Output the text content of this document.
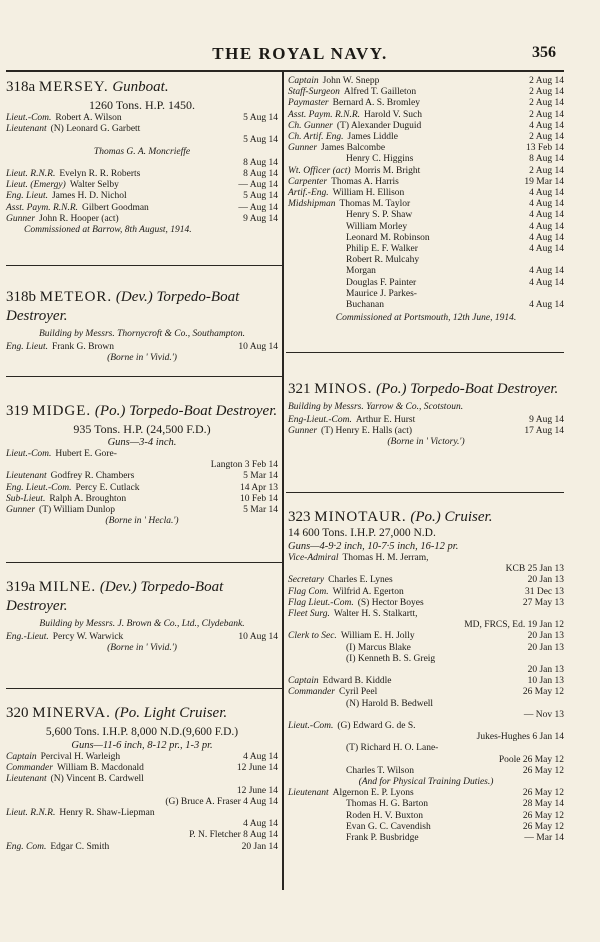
THE ROYAL NAVY.	356
318a MERSEY. Gunboat.
1260 Tons. H.P. 1450.
Lieut.-Com. Robert A. Wilson	5 Aug 14
Lieutenant (N) Leonard G. Garbett
5 Aug 14
Thomas G. A. Moncrieffe
8 Aug 14
Lieut. R.N.R. Evelyn R. R. Roberts	8 Aug 14
Lieut. (Emergy) Walter Selby	— Aug 14
Eng. Lieut. James H. D. Nichol	5 Aug 14
Asst. Paym. R.N.R. Gilbert Goodman	— Aug 14
Gunner John R. Hooper (act)	9 Aug 14
Commissioned at Barrow, 8th August, 1914.
318b METEOR. (Dev.) Torpedo-Boat Destroyer.
Building by Messrs. Thornycroft & Co., Southampton.
Eng. Lieut. Frank G. Brown	10 Aug 14
(Borne in ' Vivid.')
319 MIDGE. (Po.) Torpedo-Boat Destroyer.
935 Tons. H.P. (24,500 F.D.)
Guns—3-4 inch.
Lieut.-Com. Hubert E. Gore-
Langton 3 Feb 14
Lieutenant Godfrey R. Chambers	5 Mar 14
Eng. Lieut.-Com. Percy E. Cutlack	14 Apr 13
Sub-Lieut. Ralph A. Broughton	10 Feb 14
Gunner (T) William Dunlop	5 Mar 14
(Borne in ' Hecla.')
319a MILNE. (Dev.) Torpedo-Boat Destroyer.
Building by Messrs. J. Brown & Co., Ltd., Clydebank.
Eng.-Lieut. Percy W. Warwick	10 Aug 14
(Borne in ' Vivid.')
320 MINERVA. (Po. Light Cruiser.
5,600 Tons. I.H.P. 8,000 N.D.(9,600 F.D.)
Guns—11-6 inch, 8-12 pr., 1-3 pr.
Captain Percival H. Warleigh	4 Aug 14
Commander William B. Macdonald	12 June 14
Lieutenant (N) Vincent B. Cardwell
12 June 14
(G) Bruce A. Fraser 4 Aug 14
Lieut. R.N.R. Henry R. Shaw-Liepman
4 Aug 14
P. N. Fletcher 8 Aug 14
Eng. Com. Edgar C. Smith	20 Jan 14
Captain John W. Snepp	2 Aug 14
Staff-Surgeon Alfred T. Gailleton	2 Aug 14
Paymaster Bernard A. S. Bromley	2 Aug 14
Asst. Paym. R.N.R. Harold V. Such	2 Aug 14
Ch. Gunner (T) Alexander Duguid	4 Aug 14
Ch. Artif. Eng. James Liddle	2 Aug 14
Gunner James Balcombe	13 Feb 14
Henry C. Higgins	8 Aug 14
Wt. Officer (act) Morris M. Bright	2 Aug 14
Carpenter Thomas A. Harris	19 Mar 14
Artif.-Eng. William H. Ellison	4 Aug 14
Midshipman Thomas M. Taylor	4 Aug 14
Henry S. P. Shaw	4 Aug 14
William Morley	4 Aug 14
Leonard M. Robinson	4 Aug 14
Philip E. F. Walker	4 Aug 14
Robert R. Mulcahy
Morgan	4 Aug 14
Douglas F. Painter	4 Aug 14
Maurice J. Parkes-
Buchanan	4 Aug 14
Commissioned at Portsmouth, 12th June, 1914.
321 MINOS. (Po.) Torpedo-Boat Destroyer.
Building by Messrs. Yarrow & Co., Scotstoun.
Eng-Lieut.-Com. Arthur E. Hurst	9 Aug 14
Gunner (T) Henry E. Halls (act)	17 Aug 14
(Borne in ' Victory.')
323 MINOTAUR. (Po.) Cruiser.
14 600 Tons. I.H.P. 27,000 N.D.
Guns—4-9·2 inch, 10-7·5 inch, 16-12 pr.
Vice-Admiral Thomas H. M. Jerram,
KCB 25 Jan 13
Secretary Charles E. Lynes	20 Jan 13
Flag Com. Wilfrid A. Egerton	31 Dec 13
Flag Lieut.-Com. (S) Hector Boyes	27 May 13
Fleet Surg. Walter H. S. Stalkartt,
MD, FRCS, Ed. 19 Jan 12
Clerk to Sec. William E. H. Jolly	20 Jan 13
(I) Marcus Blake	20 Jan 13
(I) Kenneth B. S. Greig
20 Jan 13
Captain Edward B. Kiddle	10 Jan 13
Commander Cyril Peel	26 May 12
(N) Harold B. Bedwell
— Nov 13
Lieut.-Com. (G) Edward G. de S.
Jukes-Hughes 6 Jan 14
(T) Richard H. O. Lane-
Poole 26 May 12
Charles T. Wilson	26 May 12
(And for Physical Training Duties.)
Lieutenant Algernon E. P. Lyons	26 May 12
Thomas H. G. Barton	28 May 14
Roden H. V. Buxton	26 May 12
Evan G. C. Cavendish	26 May 12
Frank P. Busbridge	— Mar 14
